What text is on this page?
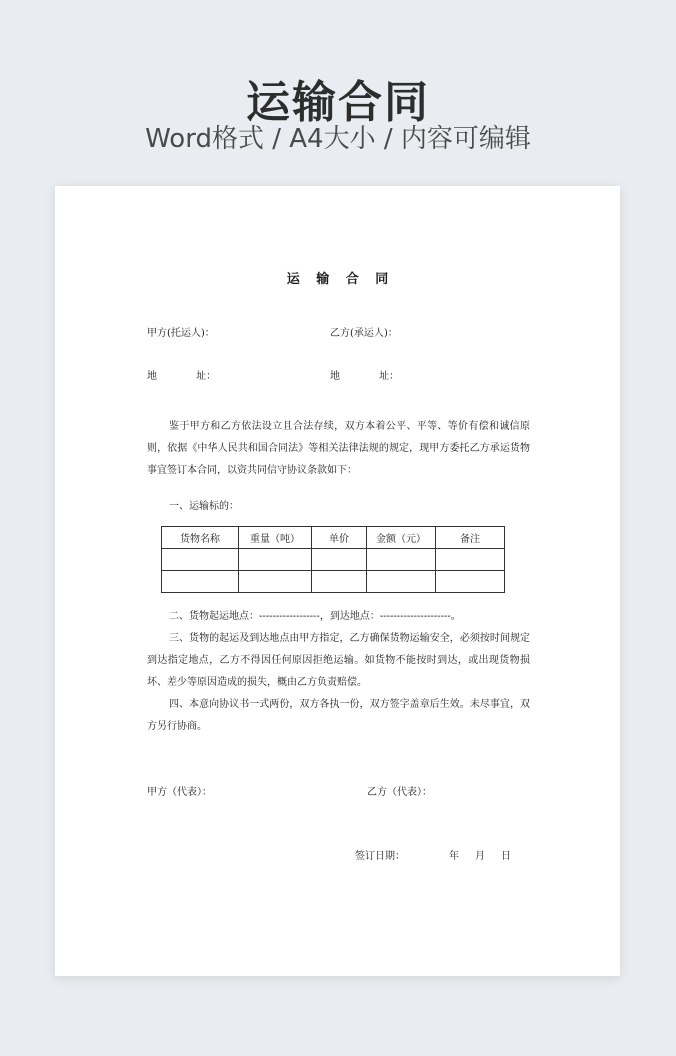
运输合同
Word格式 / A4大小 / 内容可编辑
运 输 合 同
甲方(托运人)：	乙方(承运人)：
地 址：	地 址：
鉴于甲方和乙方依法设立且合法存续，双方本着公平、平等、等价有偿和诚信原则，依据《中华人民共和国合同法》等相关法律法规的规定，现甲方委托乙方承运货物事宜签订本合同，以资共同信守协议条款如下：
一、运输标的：
货物名称	重量（吨）	单价	金额（元）	备注

二、货物起运地点：------------------，到达地点：---------------------。
三、货物的起运及到达地点由甲方指定，乙方确保货物运输安全，必须按时间规定到达指定地点，乙方不得因任何原因拒绝运输。如货物不能按时到达，或出现货物损坏、差少等原因造成的损失，概由乙方负责赔偿。
四、本意向协议书一式两份，双方各执一份，双方签字盖章后生效。未尽事宜，双方另行协商。
甲方（代表）：	乙方（代表）：
签订日期：	年 月 日
